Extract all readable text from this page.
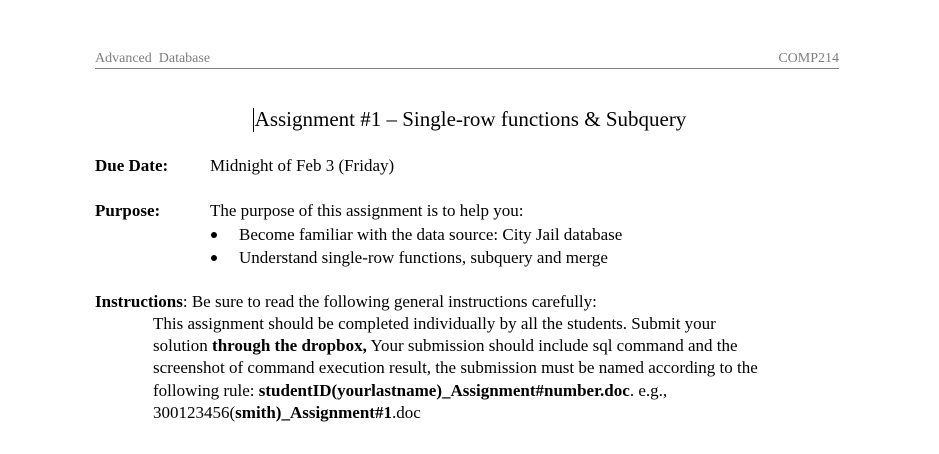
Advanced  Database	COMP214
Assignment #1 – Single-row functions & Subquery
Due Date: Midnight of Feb 3 (Friday)
Purpose:	The purpose of this assignment is to help you:
Become familiar with the data source: City Jail database
Understand single-row functions, subquery and merge
Instructions: Be sure to read the following general instructions carefully:
This assignment should be completed individually by all the students. Submit your
solution through the dropbox, Your submission should include sql command and the
screenshot of command execution result, the submission must be named according to the
following rule: studentID(yourlastname)_Assignment#number.doc. e.g.,
300123456(smith)_Assignment#1.doc
